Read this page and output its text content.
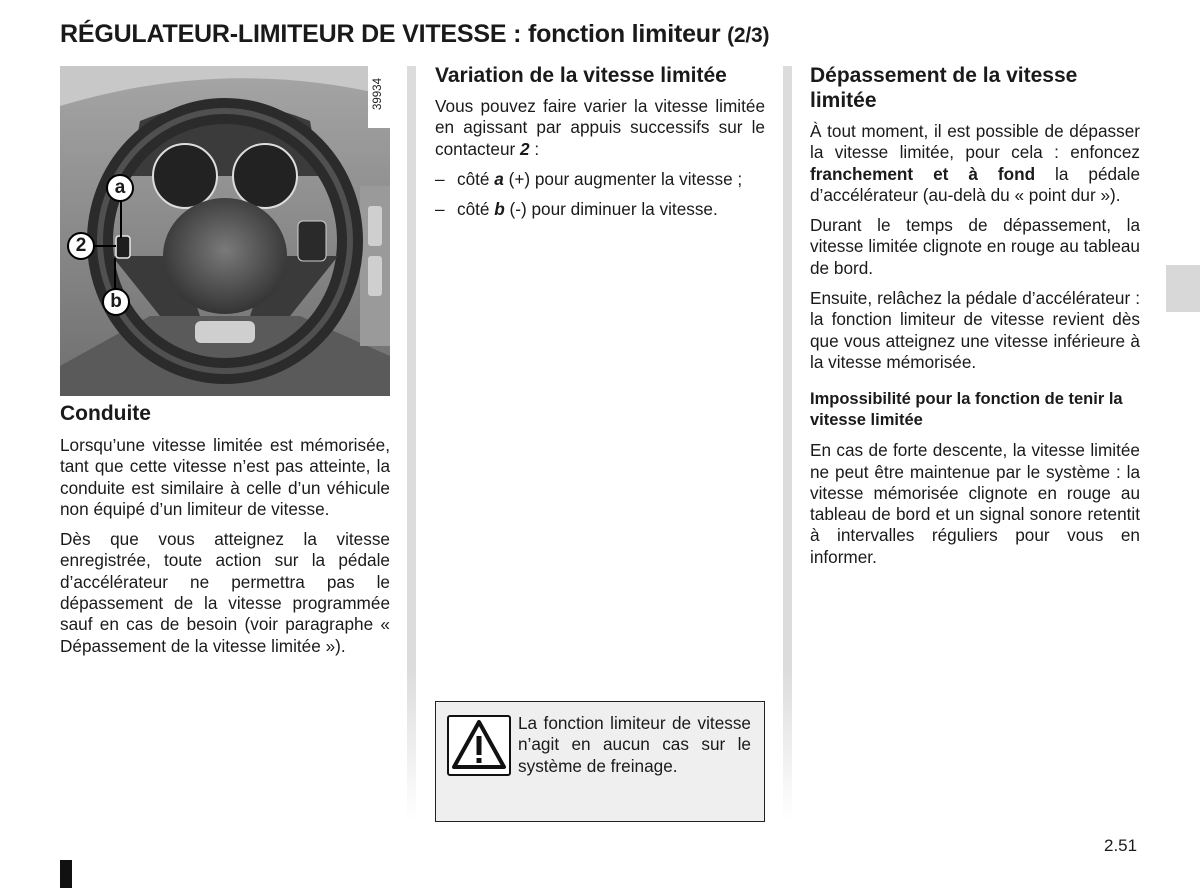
RÉGULATEUR-LIMITEUR DE VITESSE : fonction limiteur (2/3)
39934
a
2
b
Conduite

Lorsqu’une vitesse limitée est mémorisée, tant que cette vitesse n’est pas atteinte, la conduite est similaire à celle d’un véhicule non équipé d’un limiteur de vitesse.

Dès que vous atteignez la vitesse enregistrée, toute action sur la pédale d’accélérateur ne permettra pas le dépassement de la vitesse programmée sauf en cas de besoin (voir paragraphe « Dépassement de la vitesse limitée »).

Variation de la vitesse limitée

Vous pouvez faire varier la vitesse limitée en agissant par appuis successifs sur le contacteur 2 :

– côté a (+) pour augmenter la vitesse ;
– côté b (-) pour diminuer la vitesse.
La fonction limiteur de vitesse n’agit en aucun cas sur le système de freinage.
Dépassement de la vitesse limitée

À tout moment, il est possible de dépasser la vitesse limitée, pour cela : enfoncez franchement et à fond la pédale d’accélérateur (au-delà du « point dur »).

Durant le temps de dépassement, la vitesse limitée clignote en rouge au tableau de bord.

Ensuite, relâchez la pédale d’accélérateur : la fonction limiteur de vitesse revient dès que vous atteignez une vitesse inférieure à la vitesse mémorisée.

Impossibilité pour la fonction de tenir la vitesse limitée

En cas de forte descente, la vitesse limitée ne peut être maintenue par le système : la vitesse mémorisée clignote en rouge au tableau de bord et un signal sonore retentit à intervalles réguliers pour vous en informer.

2.51
